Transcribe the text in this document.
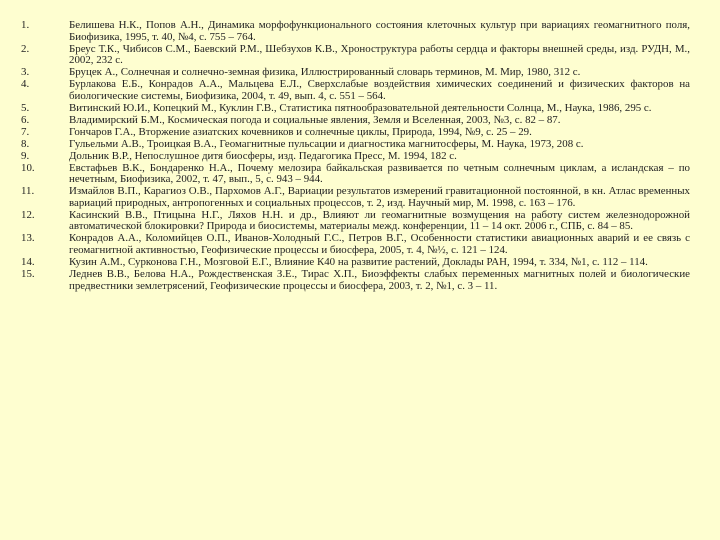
1.	Белишева Н.К., Попов А.Н., Динамика морфофункционального состояния клеточных культур при вариациях геомагнитного поля, Биофизика, 1995, т. 40, №4, с. 755 – 764.
2.	Бреус Т.К., Чибисов С.М., Баевский Р.М., Шебзухов К.В., Хроноструктура работы сердца и факторы внешней среды, изд. РУДН, М., 2002, 232 с.
3.	Бруцек А., Солнечная и солнечно-земная физика, Иллюстрированный словарь терминов, М. Мир, 1980, 312 с.
4.	Бурлакова Е.Б., Конрадов А.А., Мальцева Е.Л., Сверхслабые воздействия химических соединений и физических факторов на биологические системы, Биофизика, 2004, т. 49, вып. 4, с. 551 – 564.
5.	Витинский Ю.И., Копецкий М., Куклин Г.В., Статистика пятнообразовательной деятельности Солнца, М., Наука, 1986, 295 с.
6.	Владимирский Б.М., Космическая погода и социальные явления, Земля и Вселенная, 2003, №3, с. 82 – 87.
7.	Гончаров Г.А., Вторжение азиатских кочевников и солнечные циклы, Природа, 1994, №9, с. 25 – 29.
8.	Гульельми А.В., Троицкая В.А., Геомагнитные пульсации и диагностика магнитосферы, М. Наука, 1973, 208 с.
9.	Дольник В.Р., Непослушное дитя биосферы, изд. Педагогика Пресс, М. 1994, 182 с.
10.	Евстафьев В.К., Бондаренко Н.А., Почему мелозира байкальская развивается по четным солнечным циклам, а исландская – по нечетным, Биофизика, 2002, т. 47, вып., 5, с. 943 – 944.
11.	Измайлов В.П., Карагиоз О.В., Пархомов А.Г., Вариации результатов измерений гравитационной постоянной, в кн. Атлас временных вариаций природных, антропогенных и социальных процессов, т. 2, изд. Научный мир, М. 1998, с. 163 – 176.
12.	Касинский В.В., Птицына Н.Г., Ляхов Н.Н. и др., Влияют ли геомагнитные возмущения на работу систем железнодорожной автоматической блокировки? Природа и биосистемы, материалы межд. конференции, 11 – 14 окт. 2006 г., СПБ, с. 84 – 85.
13.	Конрадов А.А., Коломийцев О.П., Иванов-Холодный Г.С., Петров В.Г., Особенности статистики авиационных аварий и ее связь с геомагнитной активностью, Геофизические процессы и биосфера, 2005, т. 4, №½, с. 121 – 124.
14.	Кузин А.М., Сурконова Г.Н., Мозговой Е.Г., Влияние К40 на развитие растений, Доклады РАН, 1994, т. 334, №1, с. 112 – 114.
15.	Леднев В.В., Белова Н.А., Рождественская З.Е., Тирас Х.П., Биоэффекты слабых переменных магнитных полей и биологические предвестники землетрясений, Геофизические процессы и биосфера, 2003, т. 2, №1, с. 3 – 11.
